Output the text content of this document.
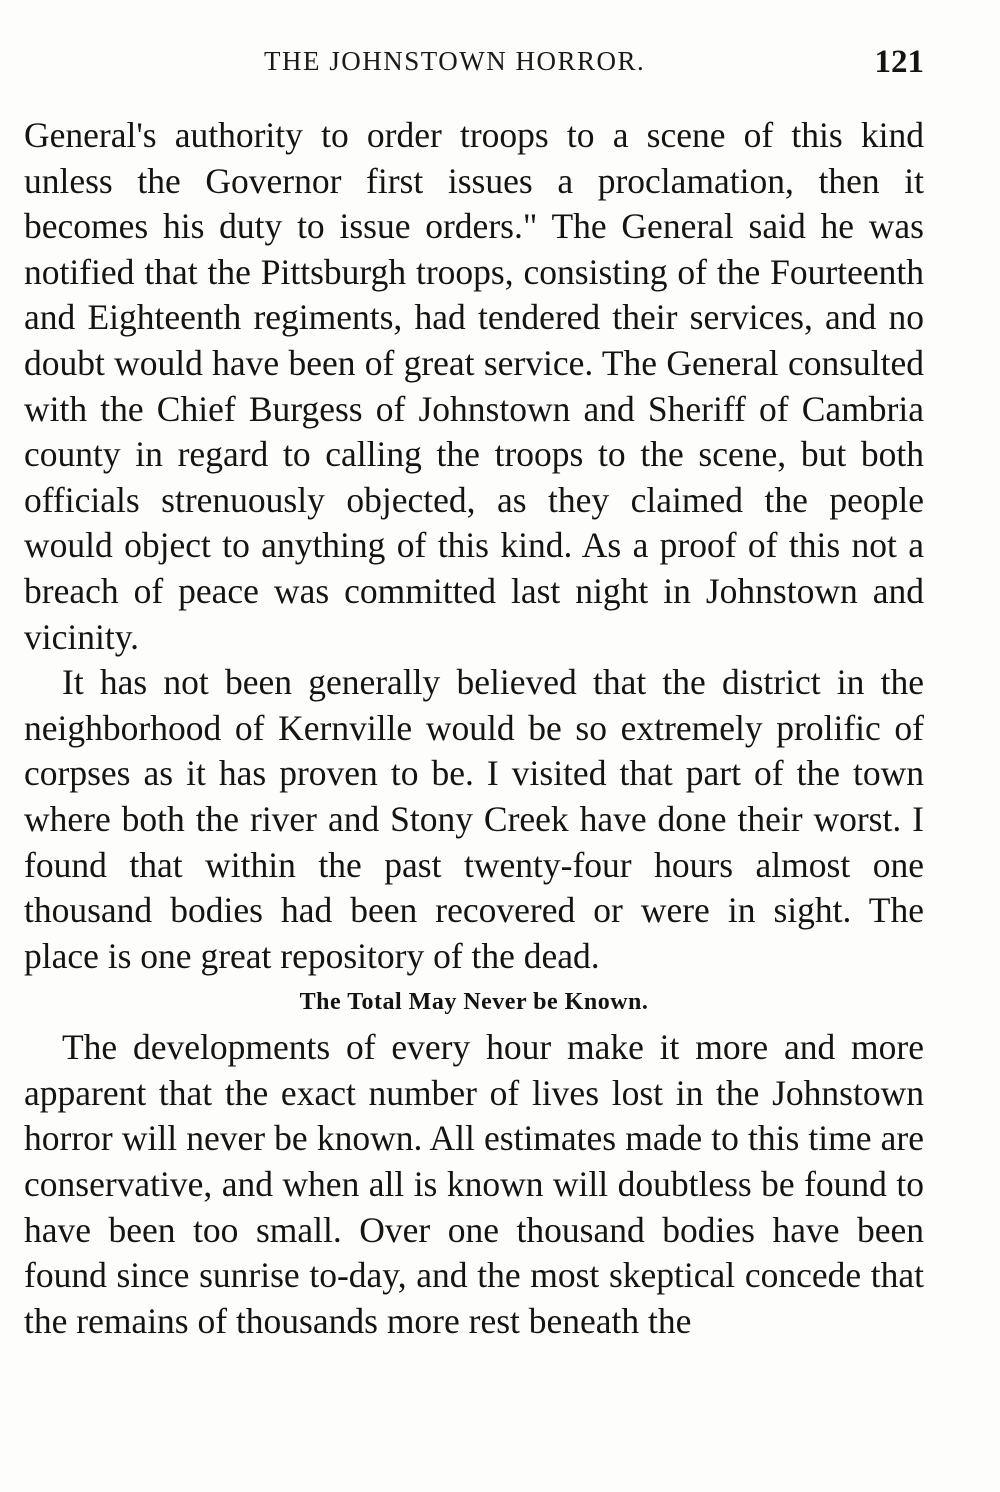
THE JOHNSTOWN HORROR.	121

General's authority to order troops to a scene of this kind unless the Governor first issues a proclamation, then it becomes his duty to issue orders." The General said he was notified that the Pittsburgh troops, consisting of the Fourteenth and Eighteenth regiments, had tendered their services, and no doubt would have been of great service. The General consulted with the Chief Burgess of Johnstown and Sheriff of Cambria county in regard to calling the troops to the scene, but both officials strenuously objected, as they claimed the people would object to anything of this kind. As a proof of this not a breach of peace was committed last night in Johnstown and vicinity.

It has not been generally believed that the district in the neighborhood of Kernville would be so extremely prolific of corpses as it has proven to be. I visited that part of the town where both the river and Stony Creek have done their worst. I found that within the past twenty-four hours almost one thousand bodies had been recovered or were in sight. The place is one great repository of the dead.

The Total May Never be Known.

The developments of every hour make it more and more apparent that the exact number of lives lost in the Johnstown horror will never be known. All estimates made to this time are conservative, and when all is known will doubtless be found to have been too small. Over one thousand bodies have been found since sunrise to-day, and the most skeptical concede that the remains of thousands more rest beneath the
